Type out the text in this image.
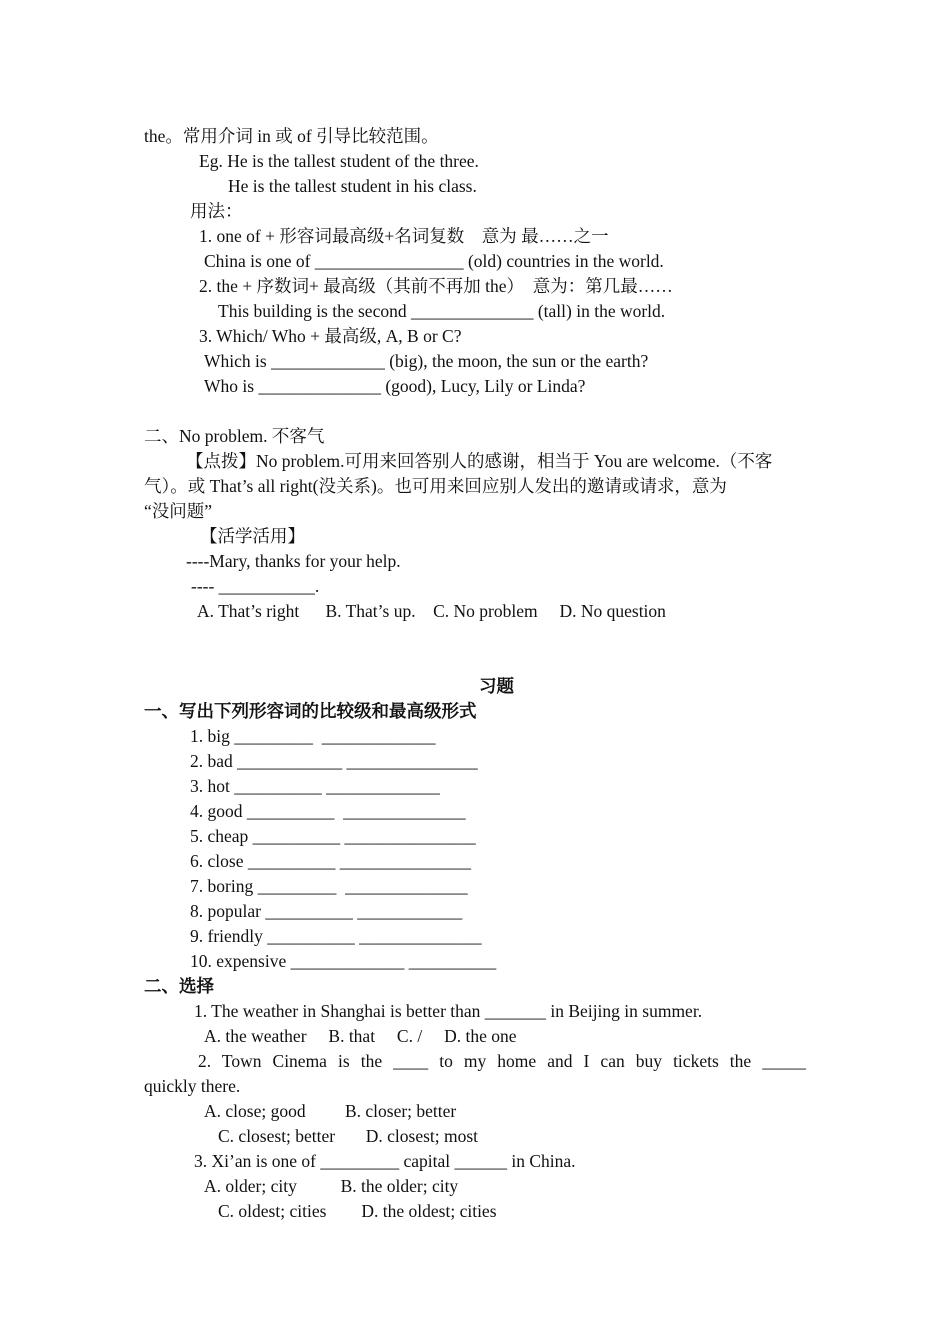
the。常用介词 in 或 of 引导比较范围。
Eg. He is the tallest student of the three.
He is the tallest student in his class.
用法：
1. one of + 形容词最高级+名词复数    意为 最……之一
China is one of _________________ (old) countries in the world.
2. the + 序数词+ 最高级（其前不再加 the）  意为：第几最……
This building is the second ______________ (tall) in the world.
3. Which/ Who + 最高级, A, B or C?
Which is _____________ (big), the moon, the sun or the earth?
Who is ______________ (good), Lucy, Lily or Linda?
二、No problem. 不客气
【点拨】No problem.可用来回答别人的感谢，相当于 You are welcome.（不客
气）。或 That’s all right(没关系)。也可用来回应别人发出的邀请或请求，意为
“没问题”
【活学活用】
----Mary, thanks for your help.
---- ___________.
A. That’s right      B. That’s up.    C. No problem     D. No question
习题
一、写出下列形容词的比较级和最高级形式
1. big _________  _____________
2. bad ____________ _______________
3. hot __________ _____________
4. good __________  ______________
5. cheap __________ _______________
6. close __________ _______________
7. boring _________  ______________
8. popular __________ ____________
9. friendly __________ ______________
10. expensive _____________ __________
二、选择
1. The weather in Shanghai is better than _______ in Beijing in summer.
A. the weather     B. that     C. /     D. the one
2. Town Cinema is the ____ to my home and I can buy tickets the _____
quickly there.
A. close; good         B. closer; better
C. closest; better       D. closest; most
3. Xi’an is one of _________ capital ______ in China.
A. older; city          B. the older; city
C. oldest; cities        D. the oldest; cities
